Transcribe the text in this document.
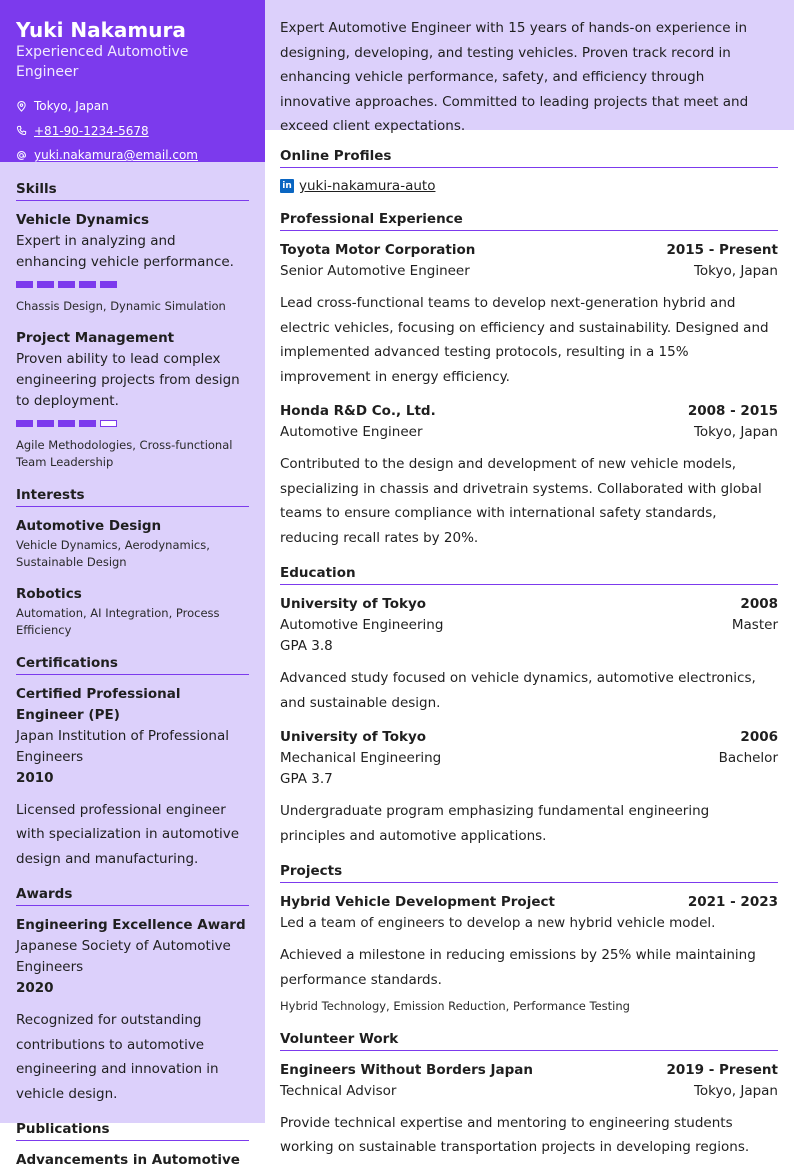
Yuki Nakamura
Experienced Automotive Engineer
Tokyo, Japan
+81-90-1234-5678
yuki.nakamura@email.com
Skills
Vehicle Dynamics
Expert in analyzing and enhancing vehicle performance.
Chassis Design, Dynamic Simulation
Project Management
Proven ability to lead complex engineering projects from design to deployment.
Agile Methodologies, Cross-functional Team Leadership
Interests
Automotive Design
Vehicle Dynamics, Aerodynamics, Sustainable Design
Robotics
Automation, AI Integration, Process Efficiency
Certifications
Certified Professional Engineer (PE)
Japan Institution of Professional Engineers
2010
Licensed professional engineer with specialization in automotive design and manufacturing.
Awards
Engineering Excellence Award
Japanese Society of Automotive Engineers
2020
Recognized for outstanding contributions to automotive engineering and innovation in vehicle design.
Publications
Advancements in Automotive
Expert Automotive Engineer with 15 years of hands-on experience in designing, developing, and testing vehicles. Proven track record in enhancing vehicle performance, safety, and efficiency through innovative approaches. Committed to leading projects that meet and exceed client expectations.
Online Profiles
in yuki-nakamura-auto
Professional Experience
Toyota Motor Corporation	2015 - Present
Senior Automotive Engineer	Tokyo, Japan
Lead cross-functional teams to develop next-generation hybrid and electric vehicles, focusing on efficiency and sustainability. Designed and implemented advanced testing protocols, resulting in a 15% improvement in energy efficiency.
Honda R&D Co., Ltd.	2008 - 2015
Automotive Engineer	Tokyo, Japan
Contributed to the design and development of new vehicle models, specializing in chassis and drivetrain systems. Collaborated with global teams to ensure compliance with international safety standards, reducing recall rates by 20%.
Education
University of Tokyo	2008
Automotive Engineering	Master
GPA 3.8
Advanced study focused on vehicle dynamics, automotive electronics, and sustainable design.
University of Tokyo	2006
Mechanical Engineering	Bachelor
GPA 3.7
Undergraduate program emphasizing fundamental engineering principles and automotive applications.
Projects
Hybrid Vehicle Development Project	2021 - 2023
Led a team of engineers to develop a new hybrid vehicle model.
Achieved a milestone in reducing emissions by 25% while maintaining performance standards.
Hybrid Technology, Emission Reduction, Performance Testing
Volunteer Work
Engineers Without Borders Japan	2019 - Present
Technical Advisor	Tokyo, Japan
Provide technical expertise and mentoring to engineering students working on sustainable transportation projects in developing regions.
